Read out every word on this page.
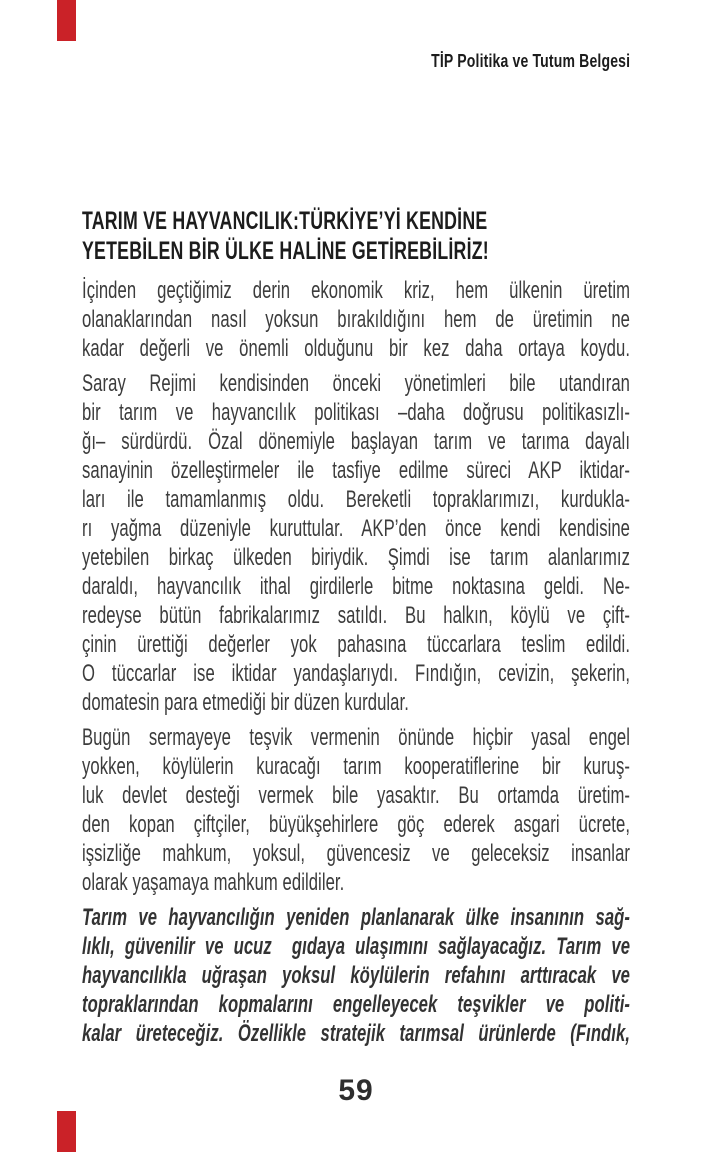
TİP Politika ve Tutum Belgesi
TARIM VE HAYVANCILIK:TÜRKİYE’Yİ KENDİNE
YETEBİLEN BİR ÜLKE HALİNE GETİREBİLİRİZ!
İçinden geçtiğimiz derin ekonomik kriz, hem ülkenin üretim
olanaklarından nasıl yoksun bırakıldığını hem de üretimin ne
kadar değerli ve önemli olduğunu bir kez daha ortaya koydu.
Saray Rejimi kendisinden önceki yönetimleri bile utandıran
bir tarım ve hayvancılık politikası –daha doğrusu politikasızlı-
ğı– sürdürdü. Özal dönemiyle başlayan tarım ve tarıma dayalı
sanayinin özelleştirmeler ile tasfiye edilme süreci AKP iktidar-
ları ile tamamlanmış oldu. Bereketli topraklarımızı, kurdukla-
rı yağma düzeniyle kuruttular. AKP’den önce kendi kendisine
yetebilen birkaç ülkeden biriydik. Şimdi ise tarım alanlarımız
daraldı, hayvancılık ithal girdilerle bitme noktasına geldi. Ne-
redeyse bütün fabrikalarımız satıldı. Bu halkın, köylü ve çift-
çinin ürettiği değerler yok pahasına tüccarlara teslim edildi.
O tüccarlar ise iktidar yandaşlarıydı. Fındığın, cevizin, şekerin,
domatesin para etmediği bir düzen kurdular.
Bugün sermayeye teşvik vermenin önünde hiçbir yasal engel
yokken, köylülerin kuracağı tarım kooperatiflerine bir kuruş-
luk devlet desteği vermek bile yasaktır. Bu ortamda üretim-
den kopan çiftçiler, büyükşehirlere göç ederek asgari ücrete,
işsizliğe mahkum, yoksul, güvencesiz ve geleceksiz insanlar
olarak yaşamaya mahkum edildiler.
Tarım ve hayvancılığın yeniden planlanarak ülke insanının sağ-
lıklı, güvenilir ve ucuz  gıdaya ulaşımını sağlayacağız. Tarım ve
hayvancılıkla uğraşan yoksul köylülerin refahını arttıracak ve
topraklarından kopmalarını engelleyecek teşvikler ve politi-
kalar üreteceğiz. Özellikle stratejik tarımsal ürünlerde (Fındık,
59
